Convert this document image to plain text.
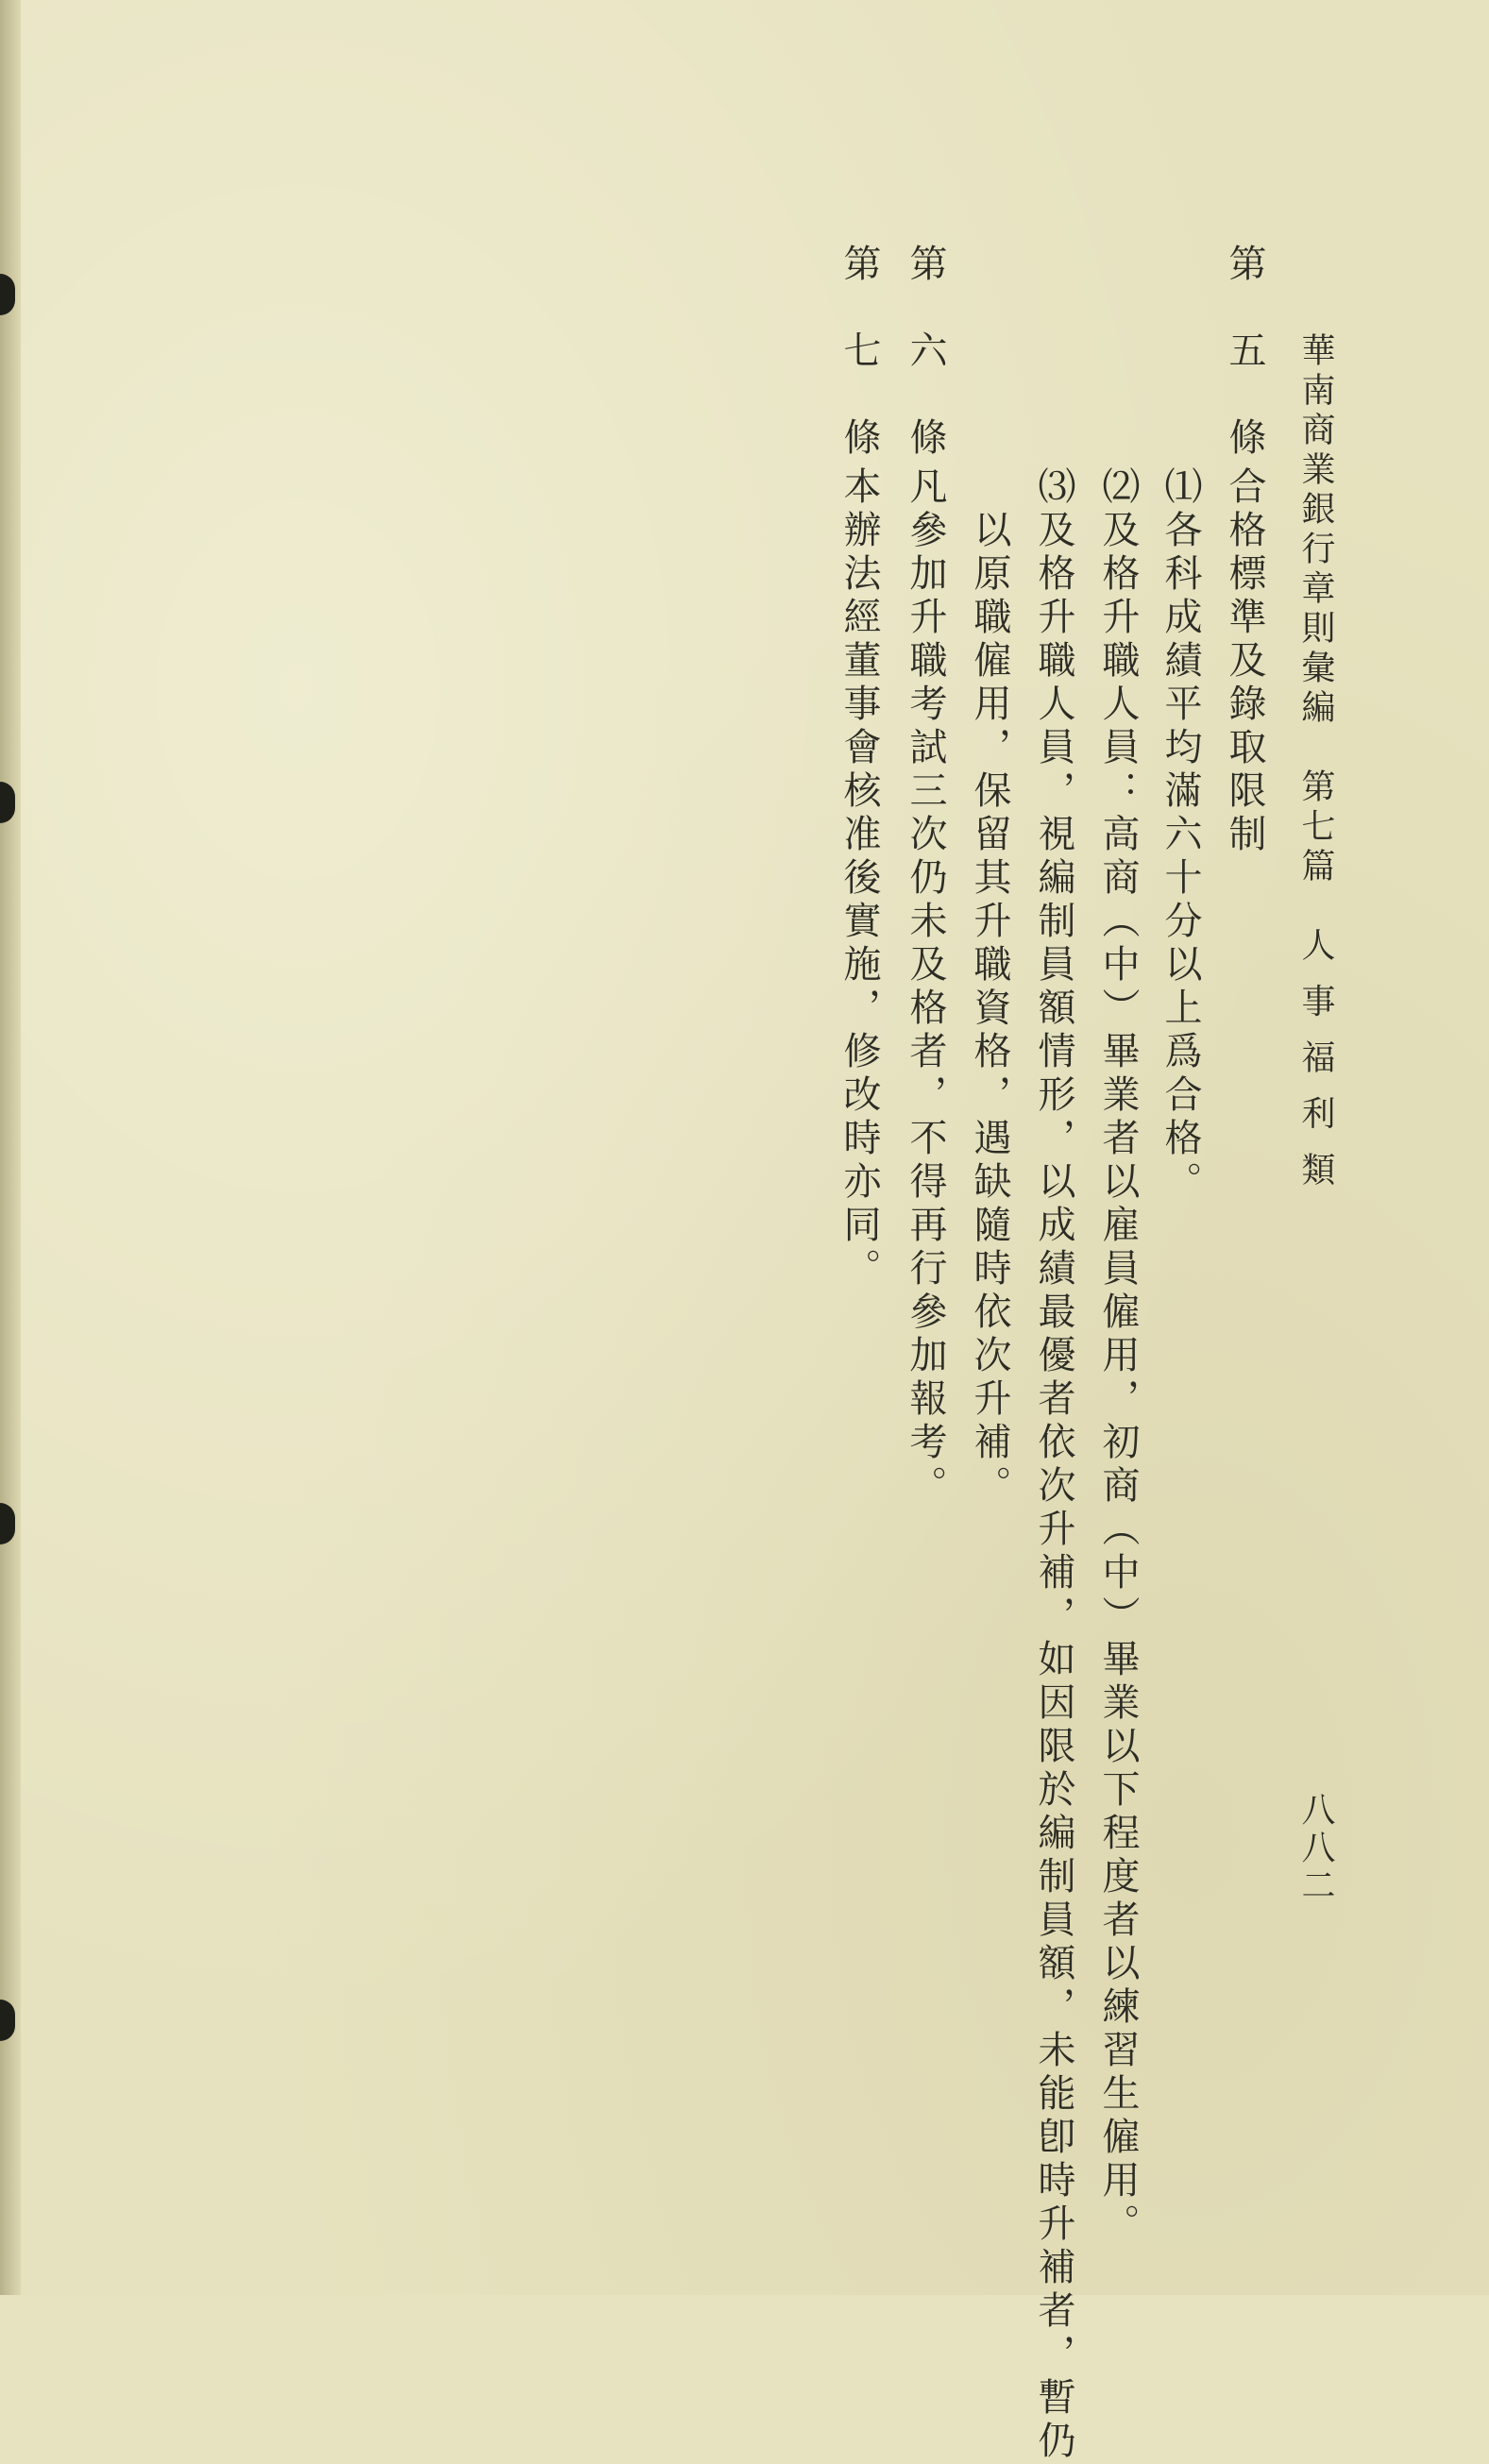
華南商業銀行章則彙編　第七篇　人 事 福 利 類
八八二
第五條
合格標準及錄取限制
⑴各科成績平均滿六十分以上爲合格。
⑵及格升職人員：高商（中）畢業者以雇員僱用，初商（中）畢業以下程度者以練習生僱用。
⑶及格升職人員，視編制員額情形，以成績最優者依次升補，如因限於編制員額，未能卽時升補者，暫仍
以原職僱用，保留其升職資格，遇缺隨時依次升補。
第六條
凡參加升職考試三次仍未及格者，不得再行參加報考。
第七條
本辦法經董事會核准後實施，修改時亦同。
